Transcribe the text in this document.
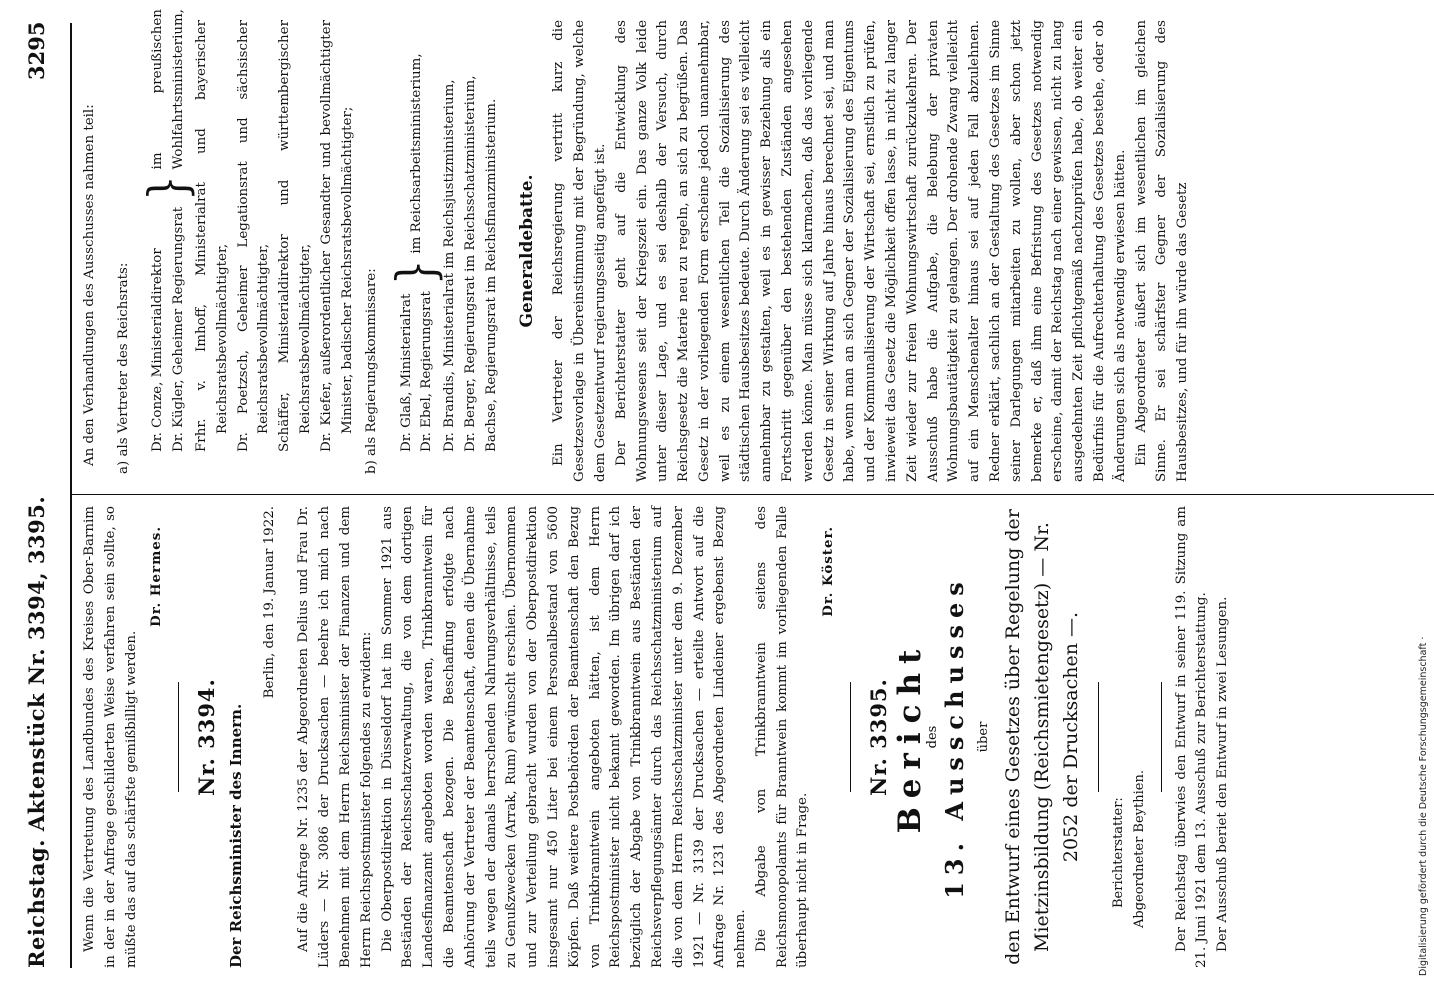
Reichstag. Aktenstück Nr. 3394, 3395.
3295

Wenn die Vertretung des Landbundes des Kreises Ober-Barnim in der in der Anfrage geschilderten Weise verfahren sein sollte, so müßte das auf das schärfste gemißbilligt werden.

Dr. Hermes.
Nr. 3394. Der Reichsminister des Innern.

Berlin, den 19. Januar 1922. Auf die Anfrage Nr. 1235 der Abgeordneten Delius und Frau Dr. Lüders — Nr. 3086 der Drucksachen — beehre ich mich nach Benehmen mit dem Herrn Reichsminister der Finanzen und dem Herrn Reichspostminister folgendes zu erwidern: Die Oberpostdirektion in Düsseldorf hat im Sommer 1921 aus Beständen der Reichsschatzverwaltung, die von dem dortigen Landesfinanzamt angeboten worden waren, Trinkbranntwein für die Beamtenschaft bezogen. Die Beschaffung erfolgte nach Anhörung der Vertreter der Beamtenschaft, denen die Übernahme teils wegen der damals herrschenden Nahrungsverhältnisse, teils zu Genußzwecken (Arrak, Rum) erwünscht erschien. Übernommen und zur Verteilung gebracht wurden von der Oberpostdirektion insgesamt nur 450 Liter bei einem Personalbestand von 5600 Köpfen. Daß weitere Postbehörden der Beamtenschaft den Bezug von Trinkbranntwein angeboten hätten, ist dem Herrn Reichspostminister nicht bekannt geworden. Im übrigen darf ich bezüglich der Abgabe von Trinkbranntwein aus Beständen der Reichsverpflegungsämter durch das Reichsschatzministerium auf die von dem Herrn Reichsschatzminister unter dem 9. Dezember 1921 — Nr. 3139 der Drucksachen — erteilte Antwort auf die Anfrage Nr. 1231 des Abgeordneten Lindeiner ergebenst Bezug nehmen. Die Abgabe von Trinkbranntwein seitens des Reichsmonopolamts für Branntwein kommt im vorliegenden Falle überhaupt nicht in Frage.

Dr. Köster.
Nr. 3395. Bericht

des 13. Ausschusses über den Entwurf eines Gesetzes über Regelung der Mietzinsbildung (Reichsmietengesetz) — Nr. 2052 der Drucksachen —.	Berichterstatter: Abgeordneter Beythien. Der Reichstag überwies den Entwurf in seiner 119. Sitzung am 21. Juni 1921 dem 13. Ausschuß zur Berichterstattung. Der Ausschuß beriet den Entwurf in zwei Lesungen.

An den Verhandlungen des Ausschusses nahmen teil: a) als Vertreter des Reichsrats: Dr. Conze, Ministerialdirektor Dr. Kügler, Geheimer Regierungsrat
}
im preußischen Wohlfahrtsministerium, Frhr. v. Imhoff, Ministerialrat und bayerischer Reichsratsbevollmächtigter, Dr. Poetzsch, Geheimer Legationsrat und sächsischer Reichsratsbevollmächtigter, Schäffer, Ministerialdirektor und württembergischer Reichsratsbevollmächtigter, Dr. Kiefer, außerordentlicher Gesandter und bevollmächtigter Minister, badischer Reichsratsbevollmächtigter; b) als Regierungskommissare: Dr. Glaß, Ministerialrat Dr. Ebel, Regierungsrat
}
im Reichsarbeitsministerium, Dr. Brandis, Ministerialrat im Reichsjustizministerium, Dr. Berger, Regierungsrat im Reichsschatzministerium, Bachse, Regierungsrat im Reichsfinanzministerium. Generaldebatte. Ein Vertreter der Reichsregierung vertritt kurz die Gesetzesvorlage in Übereinstimmung mit der Begründung, welche dem Gesetzentwurf regierungsseitig angefügt ist. Der Berichterstatter geht auf die Entwicklung des Wohnungswesens seit der Kriegszeit ein. Das ganze Volk leide unter dieser Lage, und es sei deshalb der Versuch, durch Reichsgesetz die Materie neu zu regeln, an sich zu begrüßen. Das Gesetz in der vorliegenden Form erscheine jedoch unannehmbar, weil es zu einem wesentlichen Teil die Sozialisierung des städtischen Hausbesitzes bedeute. Durch Änderung sei es vielleicht annehmbar zu gestalten, weil es in gewisser Beziehung als ein Fortschritt gegenüber den bestehenden Zuständen angesehen werden könne. Man müsse sich klarmachen, daß das vorliegende Gesetz in seiner Wirkung auf Jahre hinaus berechnet sei, und man habe, wenn man an sich Gegner der Sozialisierung des Eigentums und der Kommunalisierung der Wirtschaft sei, ernstlich zu prüfen, inwieweit das Gesetz die Möglichkeit offen lasse, in nicht zu langer Zeit wieder zur freien Wohnungswirtschaft zurückzukehren. Der Ausschuß habe die Aufgabe, die Belebung der privaten Wohnungsbautätigkeit zu gelangen. Der drohende Zwang vielleicht auf ein Menschenalter hinaus sei auf jeden Fall abzulehnen. Redner erklärt, sachlich an der Gestaltung des Gesetzes im Sinne seiner Darlegungen mitarbeiten zu wollen, aber schon jetzt bemerke er, daß ihm eine Befristung des Gesetzes notwendig erscheine, damit der Reichstag nach einer gewissen, nicht zu lang ausgedehnten Zeit pflichtgemäß nachzuprüfen habe, ob weiter ein Bedürfnis für die Aufrechterhaltung des Gesetzes bestehe, oder ob Änderungen sich als notwendig erwiesen hätten. Ein Abgeordneter äußert sich im wesentlichen im gleichen Sinne. Er sei schärfster Gegner der Sozialisierung des Hausbesitzes, und für ihn würde das Gesetz

Digitalisierung gefördert durch die Deutsche Forschungsgemeinschaft ·
